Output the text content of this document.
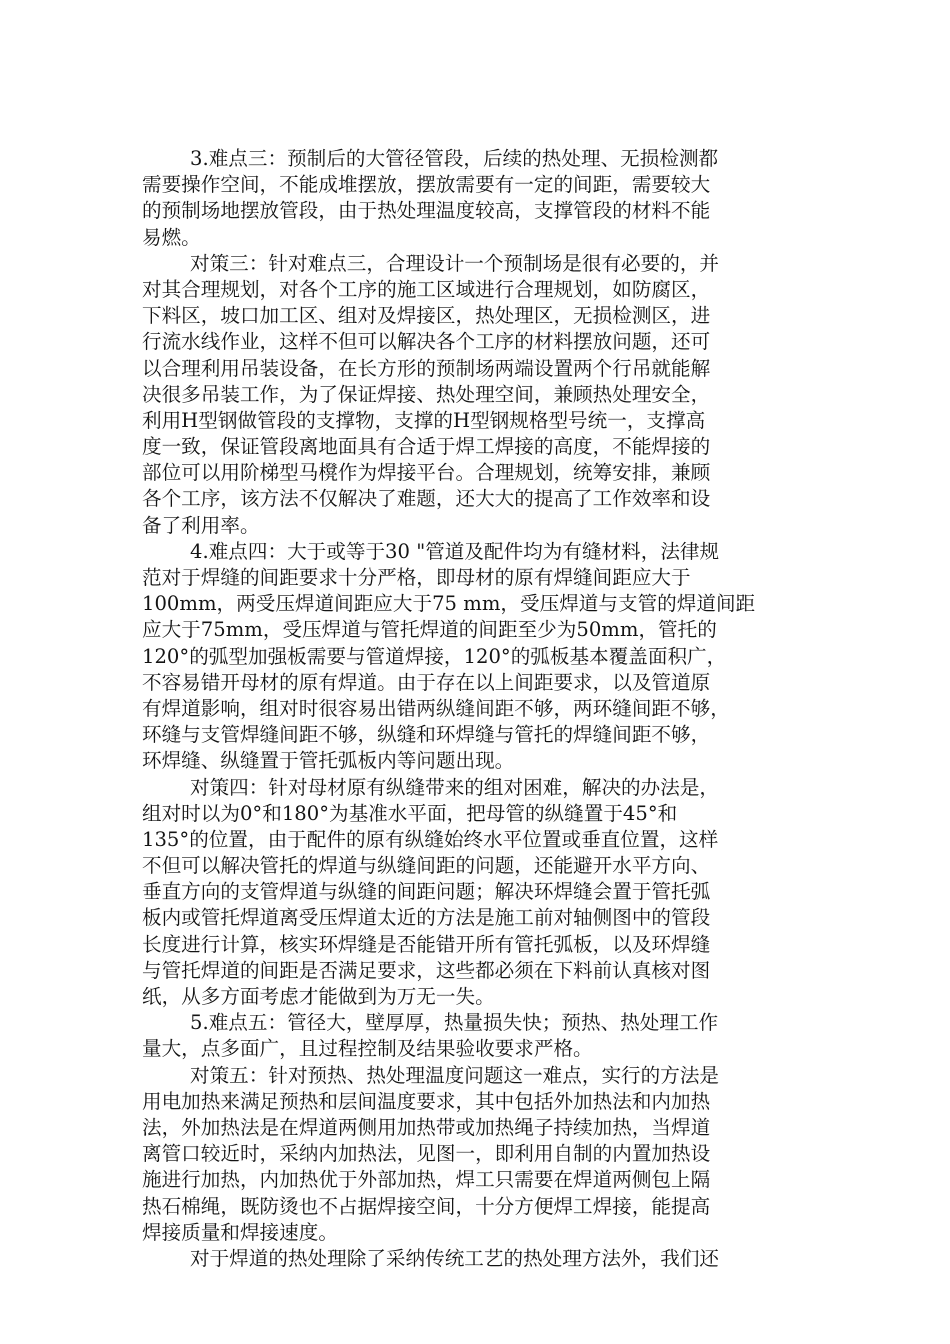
3.难点三：预制后的大管径管段，后续的热处理、无损检测都
需要操作空间，不能成堆摆放，摆放需要有一定的间距，需要较大
的预制场地摆放管段，由于热处理温度较高，支撑管段的材料不能
易燃。
对策三：针对难点三，合理设计一个预制场是很有必要的，并
对其合理规划，对各个工序的施工区域进行合理规划，如防腐区，
下料区，坡口加工区、组对及焊接区，热处理区，无损检测区，进
行流水线作业，这样不但可以解决各个工序的材料摆放问题，还可
以合理利用吊装设备，在长方形的预制场两端设置两个行吊就能解
决很多吊装工作，为了保证焊接、热处理空间，兼顾热处理安全，
利用H型钢做管段的支撑物，支撑的H型钢规格型号统一，支撑高
度一致，保证管段离地面具有合适于焊工焊接的高度，不能焊接的
部位可以用阶梯型马櫈作为焊接平台。合理规划，统筹安排，兼顾
各个工序，该方法不仅解决了难题，还大大的提高了工作效率和设
备了利用率。
4.难点四：大于或等于30 "管道及配件均为有缝材料，法律规
范对于焊缝的间距要求十分严格，即母材的原有焊缝间距应大于
100mm，两受压焊道间距应大于75 mm，受压焊道与支管的焊道间距
应大于75mm，受压焊道与管托焊道的间距至少为50mm，管托的
120°的弧型加强板需要与管道焊接，120°的弧板基本覆盖面积广，
不容易错开母材的原有焊道。由于存在以上间距要求，以及管道原
有焊道影响，组对时很容易出错两纵缝间距不够，两环缝间距不够，
环缝与支管焊缝间距不够，纵缝和环焊缝与管托的焊缝间距不够，
环焊缝、纵缝置于管托弧板内等问题出现。
对策四：针对母材原有纵缝带来的组对困难，解决的办法是，
组对时以为0°和180°为基准水平面，把母管的纵缝置于45°和
135°的位置，由于配件的原有纵缝始终水平位置或垂直位置，这样
不但可以解决管托的焊道与纵缝间距的问题，还能避开水平方向、
垂直方向的支管焊道与纵缝的间距问题；解决环焊缝会置于管托弧
板内或管托焊道离受压焊道太近的方法是施工前对轴侧图中的管段
长度进行计算，核实环焊缝是否能错开所有管托弧板，以及环焊缝
与管托焊道的间距是否满足要求，这些都必须在下料前认真核对图
纸，从多方面考虑才能做到为万无一失。
5.难点五：管径大，壁厚厚，热量损失快；预热、热处理工作
量大，点多面广，且过程控制及结果验收要求严格。
对策五：针对预热、热处理温度问题这一难点，实行的方法是
用电加热来满足预热和层间温度要求，其中包括外加热法和内加热
法，外加热法是在焊道两侧用加热带或加热绳子持续加热，当焊道
离管口较近时，采纳内加热法，见图一，即利用自制的内置加热设
施进行加热，内加热优于外部加热，焊工只需要在焊道两侧包上隔
热石棉绳，既防烫也不占据焊接空间，十分方便焊工焊接，能提高
焊接质量和焊接速度。
对于焊道的热处理除了采纳传统工艺的热处理方法外，我们还
